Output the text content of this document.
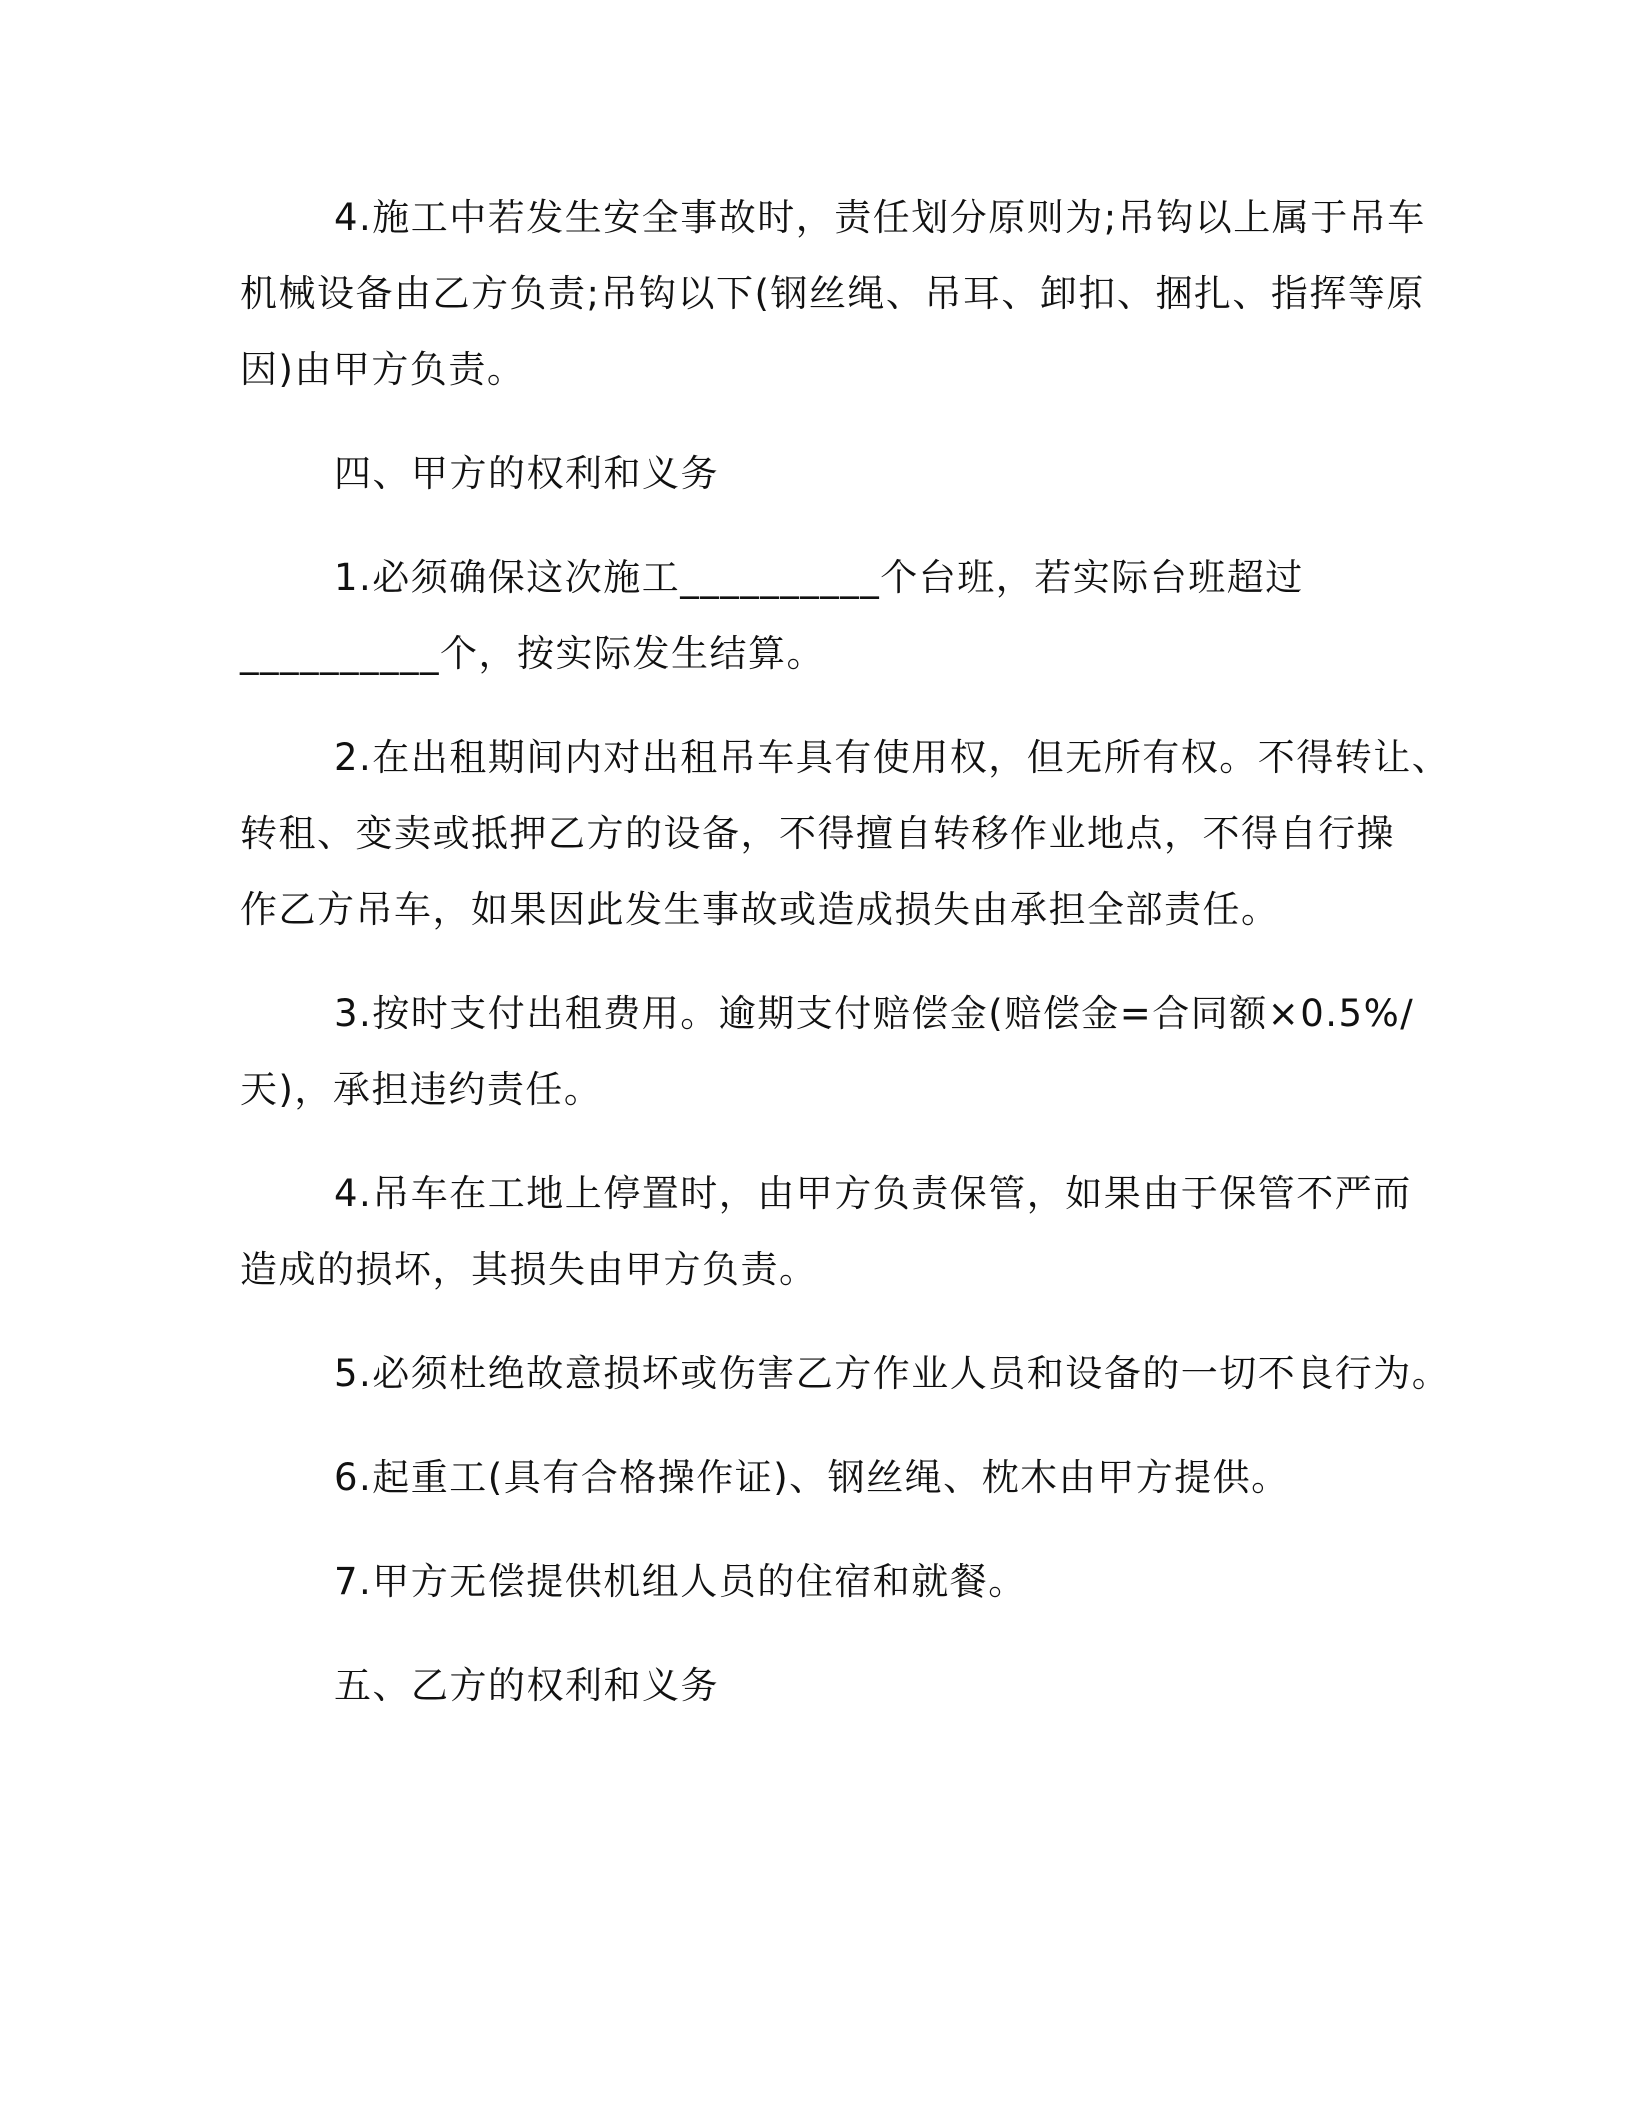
4.施工中若发生安全事故时，责任划分原则为;吊钩以上属于吊车
机械设备由乙方负责;吊钩以下(钢丝绳、吊耳、卸扣、捆扎、指挥等原
因)由甲方负责。
四、甲方的权利和义务
1.必须确保这次施工__________个台班，若实际台班超过
__________个，按实际发生结算。
2.在出租期间内对出租吊车具有使用权，但无所有权。不得转让、
转租、变卖或抵押乙方的设备，不得擅自转移作业地点，不得自行操
作乙方吊车，如果因此发生事故或造成损失由承担全部责任。
3.按时支付出租费用。逾期支付赔偿金(赔偿金=合同额×0.5%/
天)，承担违约责任。
4.吊车在工地上停置时，由甲方负责保管，如果由于保管不严而
造成的损坏，其损失由甲方负责。
5.必须杜绝故意损坏或伤害乙方作业人员和设备的一切不良行为。
6.起重工(具有合格操作证)、钢丝绳、枕木由甲方提供。
7.甲方无偿提供机组人员的住宿和就餐。
五、乙方的权利和义务
